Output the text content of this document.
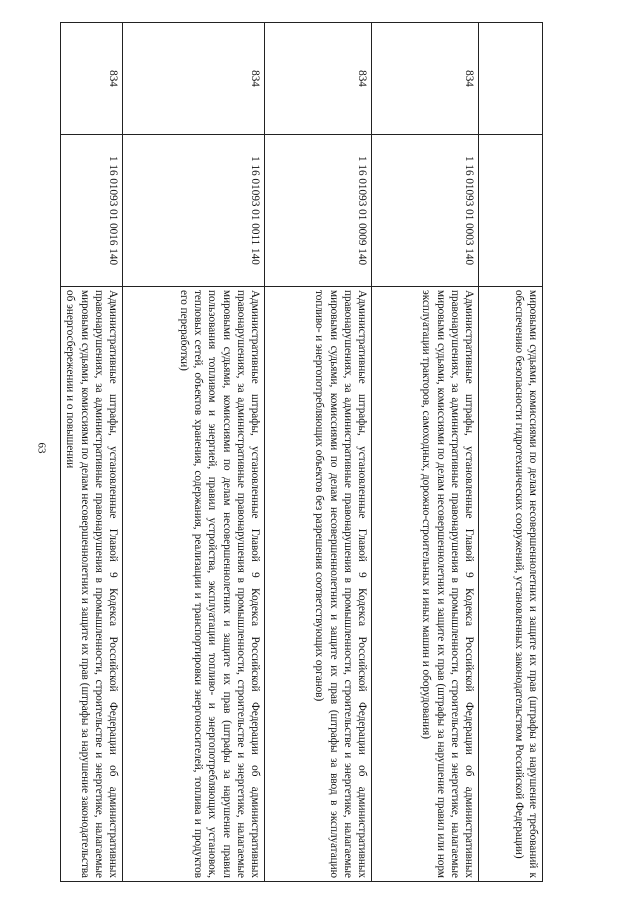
63
			мировыми судьями, комиссиями по делам несовершеннолетних и защите их прав (штрафы за нарушение требований к обеспечению безопасности гидротехнических сооружений, установленных законодательством Российской Федерации)
834	1 16 01093 01 0003 140	Административные штрафы, установленные Главой 9 Кодекса Российской Федерации об административных правонарушениях, за административные правонарушения в промышленности, строительстве и энергетике, налагаемые мировыми судьями, комиссиями по делам несовершеннолетних и защите их прав (штрафы за нарушение правил или норм эксплуатации тракторов, самоходных, дорожно-строительных и иных машин и оборудования)
834	1 16 01093 01 0009 140	Административные штрафы, установленные Главой 9 Кодекса Российской Федерации об административных правонарушениях, за административные правонарушения в промышленности, строительстве и энергетике, налагаемые мировыми судьями, комиссиями по делам несовершеннолетних и защите их прав (штрафы за ввод в эксплуатацию топливо- и энергопотребляющих объектов без разрешения соответствующих органов)
834	1 16 01093 01 0011 140	Административные штрафы, установленные Главой 9 Кодекса Российской Федерации об административных правонарушениях, за административные правонарушения в промышленности, строительстве и энергетике, налагаемые мировыми судьями, комиссиями по делам несовершеннолетних и защите их прав (штрафы за нарушение правил пользования топливом и энергией, правил устройства, эксплуатации топливо- и энергопотребляющих установок, тепловых сетей, объектов хранения, содержания, реализации и транспортировки энергоносителей, топлива и продуктов его переработки)
834	1 16 01093 01 0016 140	Административные штрафы, установленные Главой 9 Кодекса Российской Федерации об административных правонарушениях, за административные правонарушения в промышленности, строительстве и энергетике, налагаемые мировыми судьями, комиссиями по делам несовершеннолетних и защите их прав (штрафы за нарушение законодательства об энергосбережении и о повышении
